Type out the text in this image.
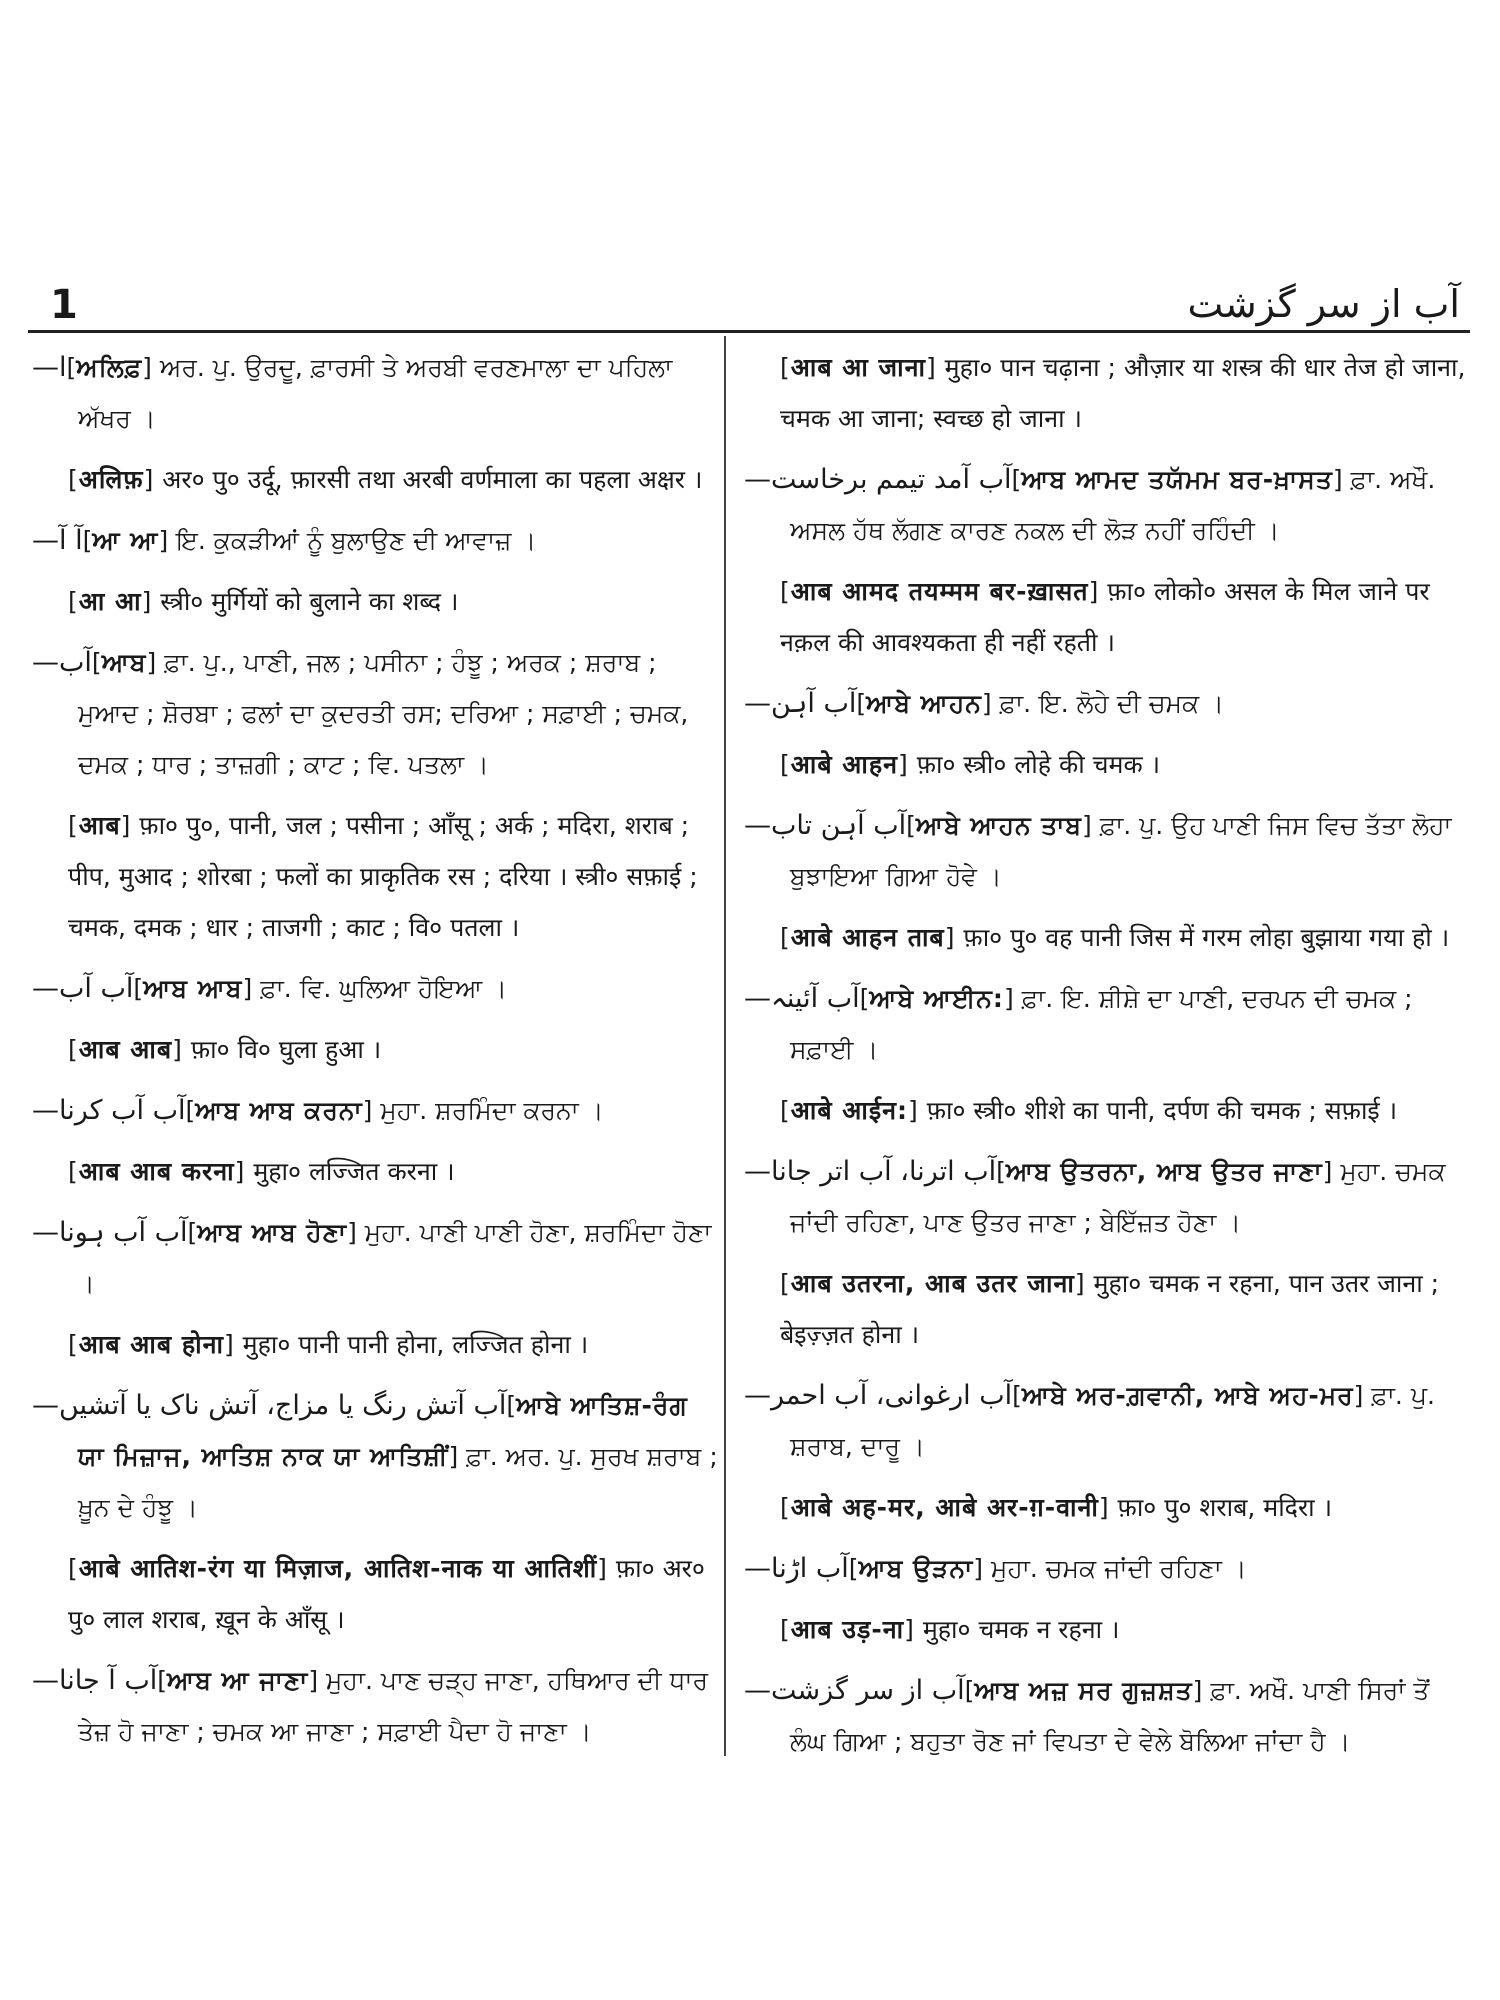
1	آب از سر گزشت

ا—[ਅਲਿਫ਼] ਅਰ. ਪੁ. ਉਰਦੂ, ਫ਼ਾਰਸੀ ਤੇ ਅਰਬੀ ਵਰਣਮਾਲਾ ਦਾ ਪਹਿਲਾ ਅੱਖਰ ।

[अलिफ़] अर० पु० उर्दू, फ़ारसी तथा अरबी वर्णमाला का पहला अक्षर ।

آ آ—[ਆ ਆ] ਇ. ਕੁਕੜੀਆਂ ਨੂੰ ਬੁਲਾਉਣ ਦੀ ਆਵਾਜ਼ ।

[आ आ] स्त्री० मुर्गियों को बुलाने का शब्द ।

آب—[ਆਬ] ਫ਼ਾ. ਪੁ., ਪਾਣੀ, ਜਲ ; ਪਸੀਨਾ ; ਹੰਝੂ ; ਅਰਕ ; ਸ਼ਰਾਬ ; ਮੁਆਦ ; ਸ਼ੋਰਬਾ ; ਫਲਾਂ ਦਾ ਕੁਦਰਤੀ ਰਸ; ਦਰਿਆ ; ਸਫ਼ਾਈ ; ਚਮਕ, ਦਮਕ ; ਧਾਰ ; ਤਾਜ਼ਗੀ ; ਕਾਟ ; ਵਿ. ਪਤਲਾ ।

[आब] फ़ा० पु०, पानी, जल ; पसीना ; आँसू ; अर्क ; मदिरा, शराब ; पीप, मुआद ; शोरबा ; फलों का प्राकृतिक रस ; दरिया । स्त्री० सफ़ाई ; चमक, दमक ; धार ; ताजगी ; काट ; वि० पतला ।

آب آب—[ਆਬ ਆਬ] ਫ਼ਾ. ਵਿ. ਘੁਲਿਆ ਹੋਇਆ ।

[आब आब] फ़ा० वि० घुला हुआ ।

آب آب کرنا—[ਆਬ ਆਬ ਕਰਨਾ] ਮੁਹਾ. ਸ਼ਰਮਿੰਦਾ ਕਰਨਾ ।

[आब आब करना] मुहा० लज्जित करना ।

آب آب ہونا—[ਆਬ ਆਬ ਹੋਣਾ] ਮੁਹਾ. ਪਾਣੀ ਪਾਣੀ ਹੋਣਾ, ਸ਼ਰਮਿੰਦਾ ਹੋਣਾ ।

[आब आब होना] मुहा० पानी पानी होना, लज्जित होना ।

آب آتش رنگ یا مزاج، آتش ناک یا آتشیں—[ਆਬੇ ਆਤਿਸ਼-ਰੰਗ ਯਾ ਮਿਜ਼ਾਜ, ਆਤਿਸ਼ ਨਾਕ ਯਾ ਆਤਿਸ਼ੀਂ] ਫ਼ਾ. ਅਰ. ਪੁ. ਸੁਰਖ ਸ਼ਰਾਬ ; ਖ਼ੂਨ ਦੇ ਹੰਝੂ ।

[आबे आतिश-रंग या मिज़ाज, आतिश-नाक या आतिशीं] फ़ा० अर० पु० लाल शराब, ख़ून के आँसू ।

آب آ جانا—[ਆਬ ਆ ਜਾਣਾ] ਮੁਹਾ. ਪਾਣ ਚੜ੍ਹ ਜਾਣਾ, ਹਥਿਆਰ ਦੀ ਧਾਰ ਤੇਜ਼ ਹੋ ਜਾਣਾ ; ਚਮਕ ਆ ਜਾਣਾ ; ਸਫ਼ਾਈ ਪੈਦਾ ਹੋ ਜਾਣਾ ।

[आब आ जाना] मुहा० पान चढ़ाना ; औज़ार या शस्त्र की धार तेज हो जाना, चमक आ जाना; स्वच्छ हो जाना ।

آب آمد تیمم برخاست—[ਆਬ ਆਮਦ ਤਯੱਮਮ ਬਰ-ਖ਼ਾਸਤ] ਫ਼ਾ. ਅਖੌ. ਅਸਲ ਹੱਥ ਲੱਗਣ ਕਾਰਣ ਨਕਲ ਦੀ ਲੋੜ ਨਹੀਂ ਰਹਿੰਦੀ ।

[आब आमद तयम्मम बर-ख़ासत] फ़ा० लोको० असल के मिल जाने पर नक़ल की आवश्यकता ही नहीं रहती ।

آب آہن—[ਆਬੇ ਆਹਨ] ਫ਼ਾ. ਇ. ਲੋਹੇ ਦੀ ਚਮਕ ।

[आबे आहन] फ़ा० स्त्री० लोहे की चमक ।

آب آہن تاب—[ਆਬੇ ਆਹਨ ਤਾਬ] ਫ਼ਾ. ਪੁ. ਉਹ ਪਾਣੀ ਜਿਸ ਵਿਚ ਤੱਤਾ ਲੋਹਾ ਬੁਝਾਇਆ ਗਿਆ ਹੋਵੇ ।

[आबे आहन ताब] फ़ा० पु० वह पानी जिस में गरम लोहा बुझाया गया हो ।

آب آئینہ—[ਆਬੇ ਆਈਨ:] ਫ਼ਾ. ਇ. ਸ਼ੀਸ਼ੇ ਦਾ ਪਾਣੀ, ਦਰਪਨ ਦੀ ਚਮਕ ; ਸਫ਼ਾਈ ।

[आबे आईन:] फ़ा० स्त्री० शीशे का पानी, दर्पण की चमक ; सफ़ाई ।

آب اترنا، آب اتر جانا—[ਆਬ ਉਤਰਨਾ, ਆਬ ਉਤਰ ਜਾਣਾ] ਮੁਹਾ. ਚਮਕ ਜਾਂਦੀ ਰਹਿਣਾ, ਪਾਣ ਉਤਰ ਜਾਣਾ ; ਬੇਇੱਜ਼ਤ ਹੋਣਾ ।

[आब उतरना, आब उतर जाना] मुहा० चमक न रहना, पान उतर जाना ; बेइज़्ज़त होना ।

آب ارغوانی، آب احمر—[ਆਬੇ ਅਰ-ਗ਼ਵਾਨੀ, ਆਬੇ ਅਹ-ਮਰ] ਫ਼ਾ. ਪੁ. ਸ਼ਰਾਬ, ਦਾਰੂ ।

[आबे अह-मर, आबे अर-ग़-वानी] फ़ा० पु० शराब, मदिरा ।

آب اڑنا—[ਆਬ ਉੜਨਾ] ਮੁਹਾ. ਚਮਕ ਜਾਂਦੀ ਰਹਿਣਾ ।

[आब उड़-ना] मुहा० चमक न रहना ।

آب از سر گزشت—[ਆਬ ਅਜ਼ ਸਰ ਗੁਜ਼ਸ਼ਤ] ਫ਼ਾ. ਅਖੌ. ਪਾਣੀ ਸਿਰਾਂ ਤੋਂ ਲੰਘ ਗਿਆ ; ਬਹੁਤਾ ਰੋਣ ਜਾਂ ਵਿਪਤਾ ਦੇ ਵੇਲੇ ਬੋਲਿਆ ਜਾਂਦਾ ਹੈ ।
